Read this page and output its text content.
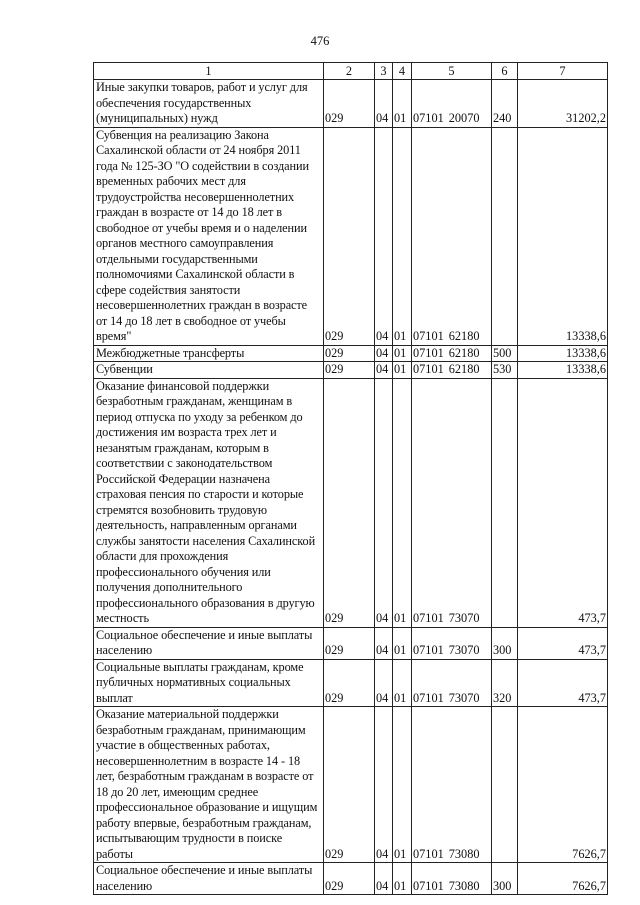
476
1	2	3	4	5	6	7
Иные закупки товаров, работ и услуг для обеспечения государственных (муниципальных) нужд	029	04	01	07101 20070	240	31202,2
Субвенция на реализацию Закона Сахалинской области от 24 ноября 2011 года № 125-ЗО "О содействии в создании временных рабочих мест для трудоустройства несовершеннолетних граждан в возрасте от 14 до 18 лет в свободное от учебы время и о наделении органов местного самоуправления отдельными государственными полномочиями Сахалинской области в сфере содействия занятости несовершеннолетних граждан в возрасте от 14 до 18 лет в свободное от учебы время"	029	04	01	07101 62180		13338,6
Межбюджетные трансферты	029	04	01	07101 62180	500	13338,6
Субвенции	029	04	01	07101 62180	530	13338,6
Оказание финансовой поддержки безработным гражданам, женщинам в период отпуска по уходу за ребенком до достижения им возраста трех лет и незанятым гражданам, которым в соответствии с законодательством Российской Федерации назначена страховая пенсия по старости и которые стремятся возобновить трудовую деятельность, направленным органами службы занятости населения Сахалинской области для прохождения профессионального обучения или получения дополнительного профессионального образования в другую местность	029	04	01	07101 73070		473,7
Социальное обеспечение и иные выплаты населению	029	04	01	07101 73070	300	473,7
Социальные выплаты гражданам, кроме публичных нормативных социальных выплат	029	04	01	07101 73070	320	473,7
Оказание материальной поддержки безработным гражданам, принимающим участие в общественных работах, несовершеннолетним в возрасте 14 - 18 лет, безработным гражданам в возрасте от 18 до 20 лет, имеющим среднее профессиональное образование и ищущим работу впервые, безработным гражданам, испытывающим трудности в поиске работы	029	04	01	07101 73080		7626,7
Социальное обеспечение и иные выплаты населению	029	04	01	07101 73080	300	7626,7
